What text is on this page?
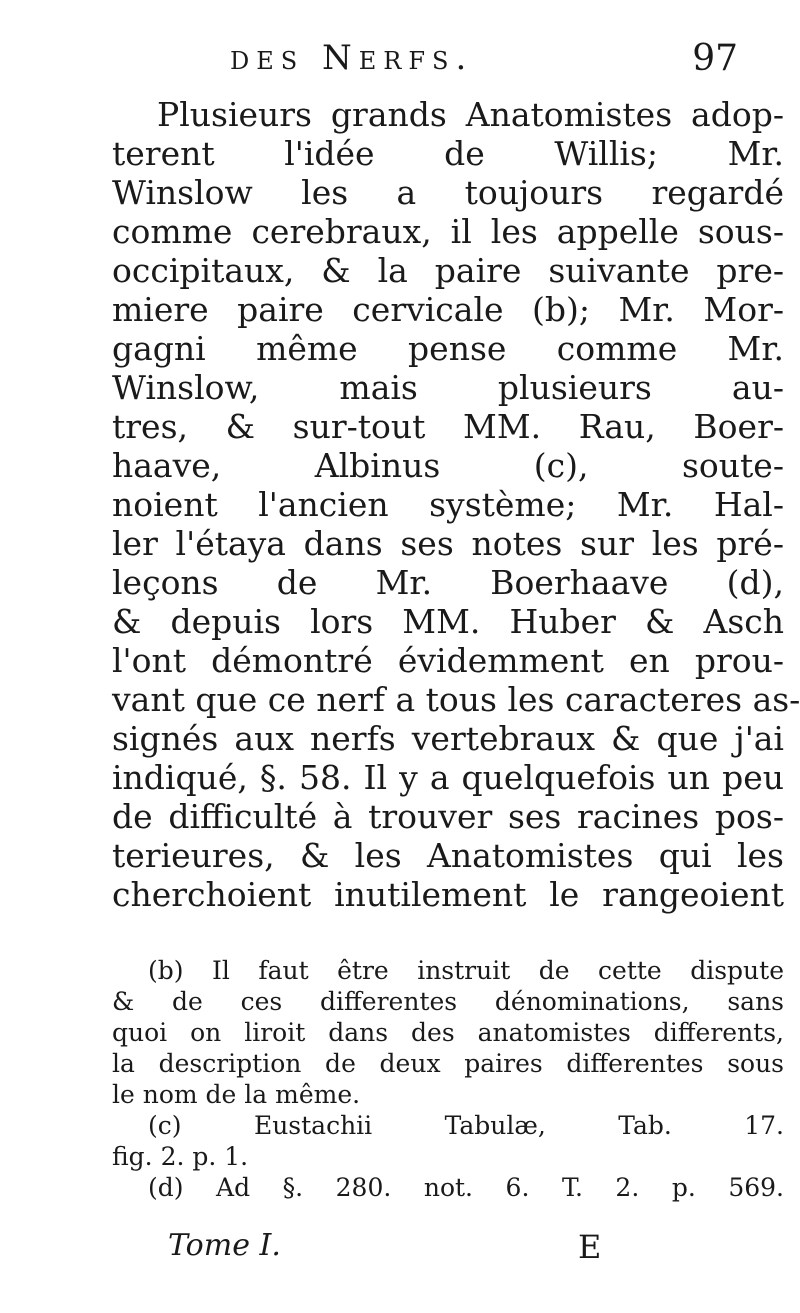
des Nerfs.	97
Plusieurs grands Anatomistes adop-
terent l'idée de Willis; Mr.
Winslow les a toujours regardé
comme cerebraux, il les appelle sous-
occipitaux, & la paire suivante pre-
miere paire cervicale (b); Mr. Mor-
gagni même pense comme Mr.
Winslow, mais plusieurs au-
tres, & sur-tout MM. Rau, Boer-
haave, Albinus (c), soute-
noient l'ancien système; Mr. Hal-
ler l'étaya dans ses notes sur les pré-
leçons de Mr. Boerhaave (d),
& depuis lors MM. Huber & Asch
l'ont démontré évidemment en prou-
vant que ce nerf a tous les caracteres as-
signés aux nerfs vertebraux & que j'ai
indiqué, §. 58. Il y a quelquefois un peu
de difficulté à trouver ses racines pos-
terieures, & les Anatomistes qui les
cherchoient inutilement le rangeoient
(b) Il faut être instruit de cette dispute
& de ces differentes dénominations, sans
quoi on liroit dans des anatomistes differents,
la description de deux paires differentes sous
le nom de la même.
(c) Eustachii Tabulæ, Tab. 17.
fig. 2. p. 1.
(d) Ad §. 280. not. 6. T. 2. p. 569.
Tome I.	E
